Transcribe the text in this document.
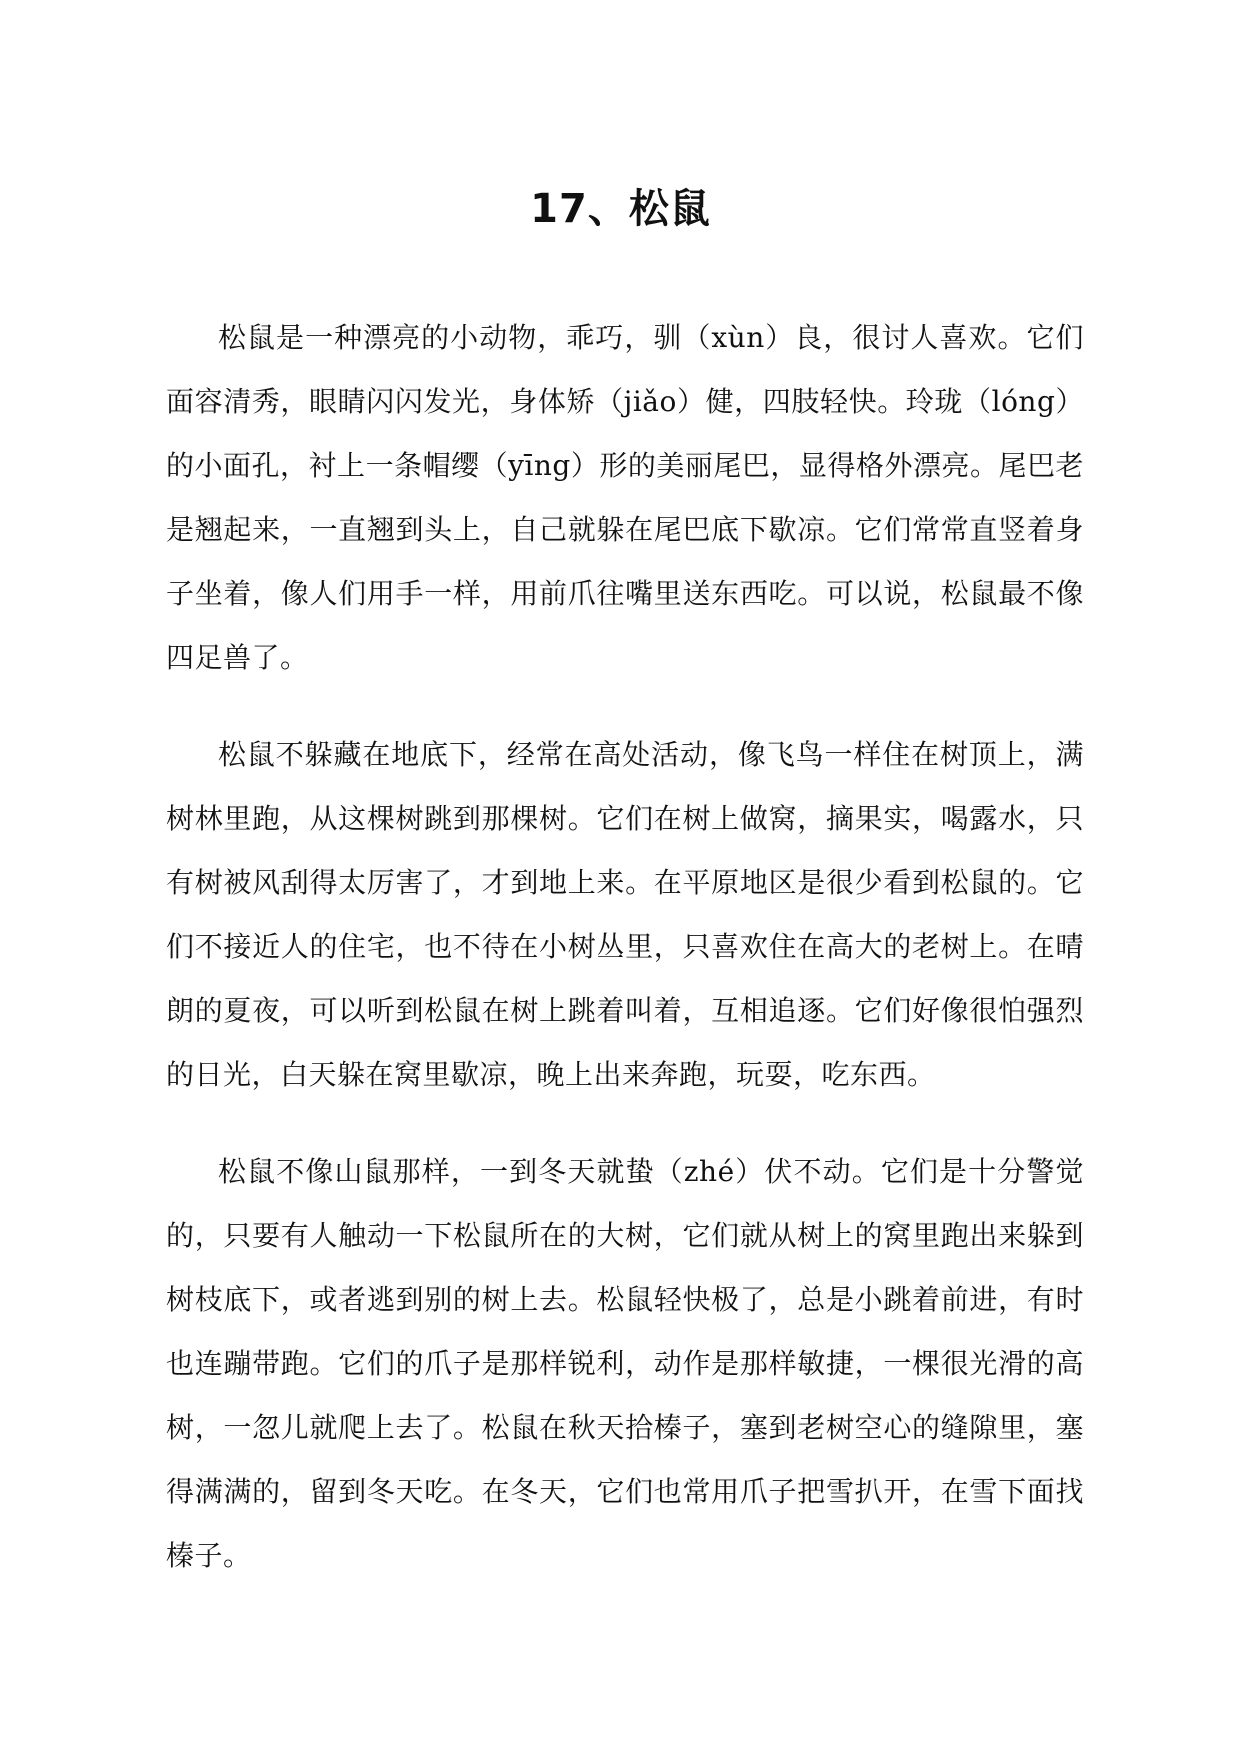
17、松鼠

松鼠是一种漂亮的小动物，乖巧，驯（xùn）良，很讨人喜欢。它们面容清秀，眼睛闪闪发光，身体矫（jiǎo）健，四肢轻快。玲珑（lóng）的小面孔，衬上一条帽缨（yīng）形的美丽尾巴，显得格外漂亮。尾巴老是翘起来，一直翘到头上，自己就躲在尾巴底下歇凉。它们常常直竖着身子坐着，像人们用手一样，用前爪往嘴里送东西吃。可以说，松鼠最不像四足兽了。

松鼠不躲藏在地底下，经常在高处活动，像飞鸟一样住在树顶上，满树林里跑，从这棵树跳到那棵树。它们在树上做窝，摘果实，喝露水，只有树被风刮得太厉害了，才到地上来。在平原地区是很少看到松鼠的。它们不接近人的住宅，也不待在小树丛里，只喜欢住在高大的老树上。在晴朗的夏夜，可以听到松鼠在树上跳着叫着，互相追逐。它们好像很怕强烈的日光，白天躲在窝里歇凉，晚上出来奔跑，玩耍，吃东西。

松鼠不像山鼠那样，一到冬天就蛰（zhé）伏不动。它们是十分警觉的，只要有人触动一下松鼠所在的大树，它们就从树上的窝里跑出来躲到树枝底下，或者逃到别的树上去。松鼠轻快极了，总是小跳着前进，有时也连蹦带跑。它们的爪子是那样锐利，动作是那样敏捷，一棵很光滑的高树，一忽儿就爬上去了。松鼠在秋天拾榛子，塞到老树空心的缝隙里，塞得满满的，留到冬天吃。在冬天，它们也常用爪子把雪扒开，在雪下面找榛子。
